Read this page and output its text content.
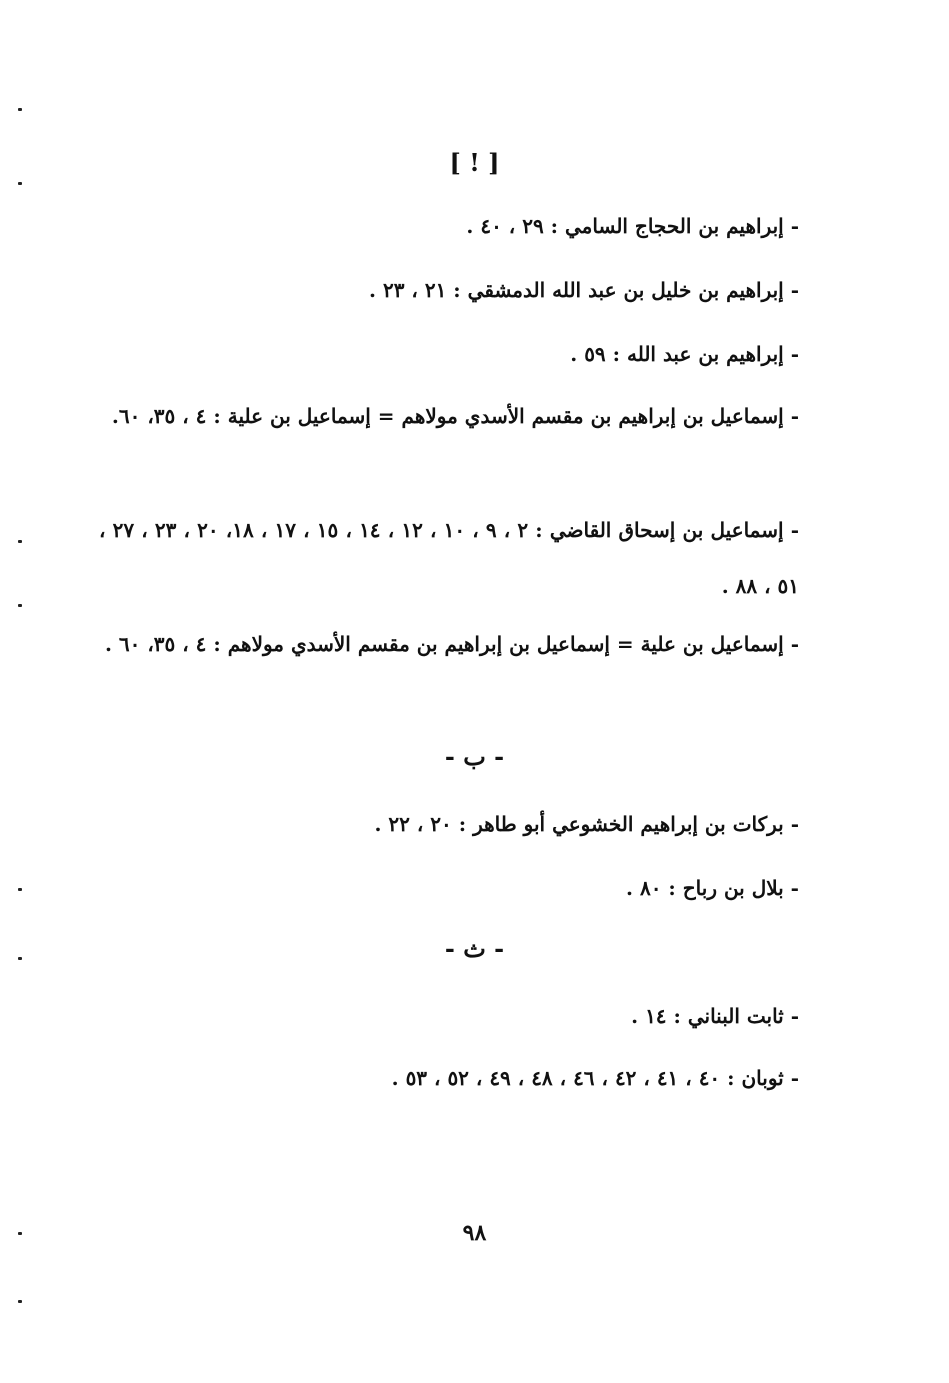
[ ! ]
- إبراهيم بن الحجاج السامي : ٢٩ ، ٤٠ .
- إبراهيم بن خليل بن عبد الله الدمشقي : ٢١ ، ٢٣ .
- إبراهيم بن عبد الله : ٥٩ .
- إسماعيل بن إبراهيم بن مقسم الأسدي مولاهم = إسماعيل بن علية : ٤ ، ٣٥، ٦٠.
- إسماعيل بن إسحاق القاضي : ٢ ، ٩ ، ١٠ ، ١٢ ، ١٤ ، ١٥ ، ١٧ ، ١٨، ٢٠ ، ٢٣ ، ٢٧ ، ٥١ ، ٨٨ .
- إسماعيل بن علية = إسماعيل بن إبراهيم بن مقسم الأسدي مولاهم : ٤ ، ٣٥، ٦٠ .
- ب -
- بركات بن إبراهيم الخشوعي أبو طاهر : ٢٠ ، ٢٢ .
- بلال بن رباح : ٨٠ .
- ث -
- ثابت البناني : ١٤ .
- ثوبان : ٤٠ ، ٤١ ، ٤٢ ، ٤٦ ، ٤٨ ، ٤٩ ، ٥٢ ، ٥٣ .
٩٨
